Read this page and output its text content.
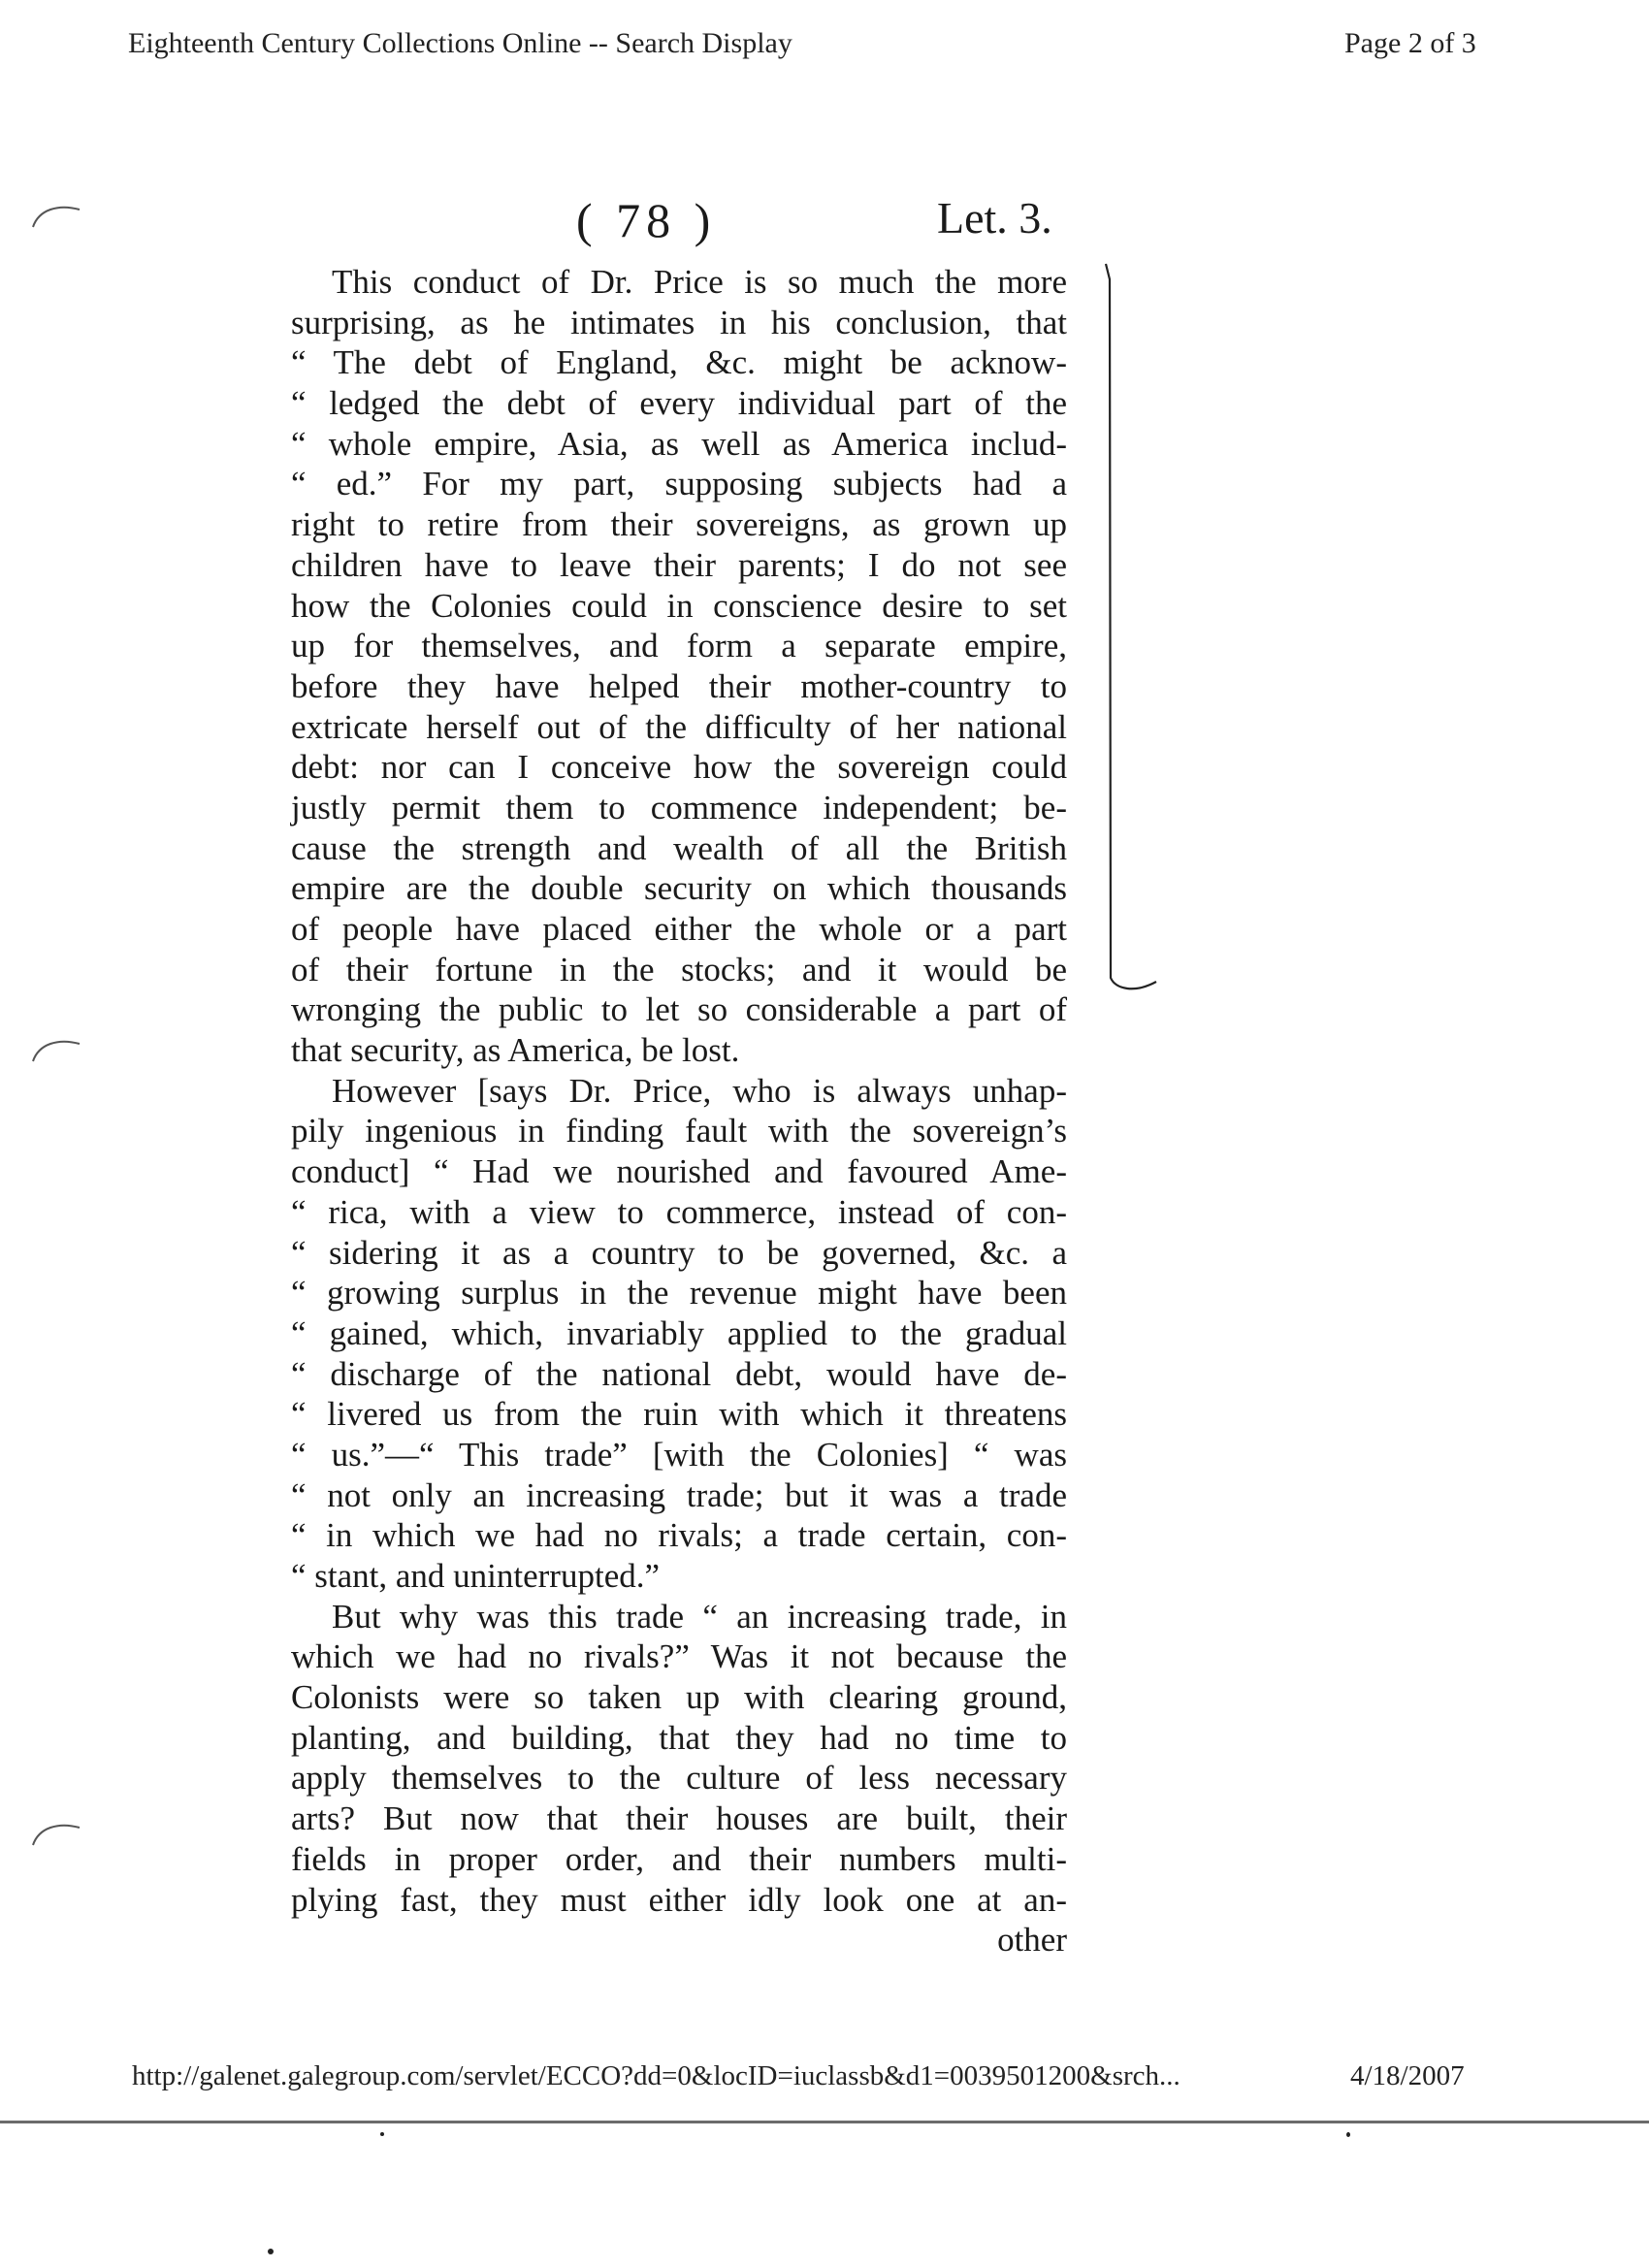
Eighteenth Century Collections Online -- Search Display	Page 2 of 3
( 78 )	Let. 3.
This conduct of Dr. Price is so much the more
surprising, as he intimates in his conclusion, that
“ The debt of England, &c. might be acknow-
“ ledged the debt of every individual part of the
“ whole empire, Asia, as well as America includ-
“ ed.” For my part, supposing subjects had a
right to retire from their sovereigns, as grown up
children have to leave their parents; I do not see
how the Colonies could in conscience desire to set
up for themselves, and form a separate empire,
before they have helped their mother-country to
extricate herself out of the difficulty of her national
debt: nor can I conceive how the sovereign could
justly permit them to commence independent; be-
cause the strength and wealth of all the British
empire are the double security on which thousands
of people have placed either the whole or a part
of their fortune in the stocks; and it would be
wronging the public to let so considerable a part of
that security, as America, be lost.
However [says Dr. Price, who is always unhap-
pily ingenious in finding fault with the sovereign’s
conduct] “ Had we nourished and favoured Ame-
“ rica, with a view to commerce, instead of con-
“ sidering it as a country to be governed, &c. a
“ growing surplus in the revenue might have been
“ gained, which, invariably applied to the gradual
“ discharge of the national debt, would have de-
“ livered us from the ruin with which it threatens
“ us.”—“ This trade” [with the Colonies] “ was
“ not only an increasing trade; but it was a trade
“ in which we had no rivals; a trade certain, con-
“ stant, and uninterrupted.”
But why was this trade “ an increasing trade, in
which we had no rivals?” Was it not because the
Colonists were so taken up with clearing ground,
planting, and building, that they had no time to
apply themselves to the culture of less necessary
arts? But now that their houses are built, their
fields in proper order, and their numbers multi-
plying fast, they must either idly look one at an-
other
http://galenet.galegroup.com/servlet/ECCO?dd=0&locID=iuclassb&d1=0039501200&srch...	4/18/2007
